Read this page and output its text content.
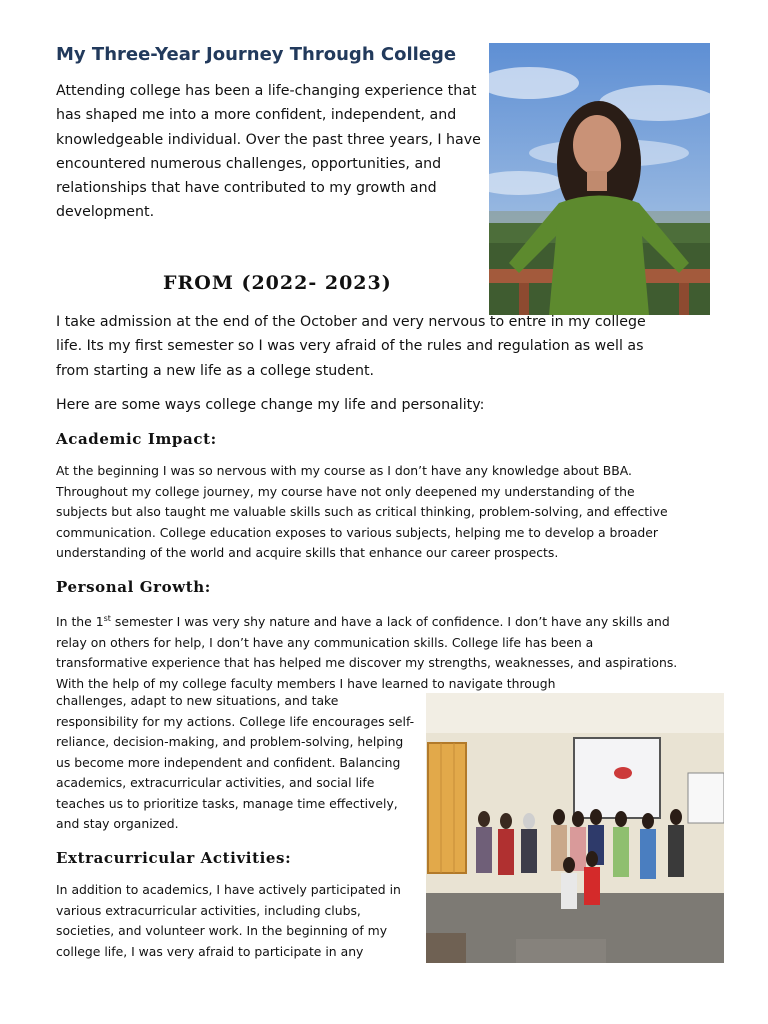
My Three-Year Journey Through College

Attending college has been a life-changing experience that has shaped me into a more confident, independent, and knowledgeable individual. Over the past three years, I have encountered numerous challenges, opportunities, and relationships that have contributed to my growth and development.

FROM (2022- 2023)

I take admission at the end of the October and very nervous to entre in my college life. Its my first semester so I was very afraid of the rules and regulation as well as from starting a new life as a college student.

Here are some ways college change my life and personality:

Academic Impact:

At the beginning I was so nervous with my course as I don’t have any knowledge about BBA. Throughout my college journey, my course have not only deepened my understanding of the subjects but also taught me valuable skills such as critical thinking, problem-solving, and effective communication. College education exposes to various subjects, helping me to develop a broader understanding of the world and acquire skills that enhance our career prospects.

Personal Growth:

In the 1st semester I was very shy nature and have a lack of confidence. I don’t have any skills and relay on others for help, I don’t have any communication skills. College life has been a transformative experience that has helped me discover my strengths, weaknesses, and aspirations. With the help of my college faculty members I have learned to navigate through

challenges, adapt to new situations, and take responsibility for my actions. College life encourages self-reliance, decision-making, and problem-solving, helping us become more independent and confident. Balancing academics, extracurricular activities, and social life teaches us to prioritize tasks, manage time effectively, and stay organized.

Extracurricular Activities:

In addition to academics, I have actively participated in various extracurricular activities, including clubs, societies, and volunteer work. In the beginning of my college life, I was very afraid to participate in any
